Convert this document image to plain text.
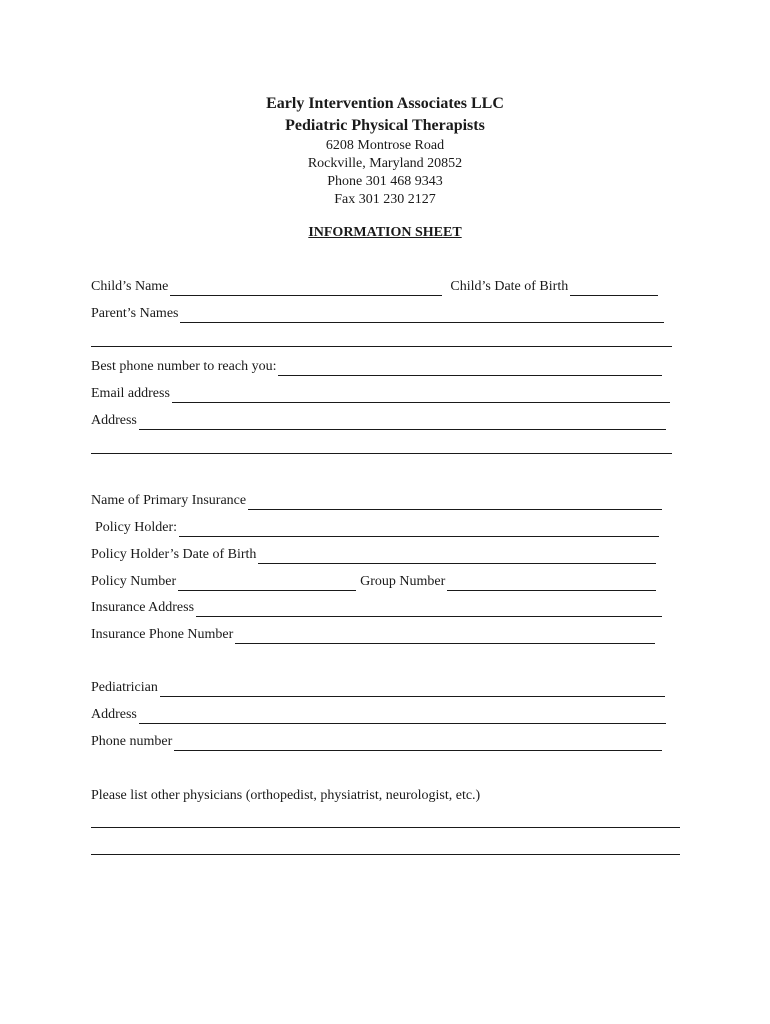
Early Intervention Associates LLC
Pediatric Physical Therapists
6208 Montrose Road
Rockville, Maryland 20852
Phone 301 468 9343
Fax 301 230 2127
INFORMATION SHEET
Child’s Name	Child’s Date of Birth
Parent’s Names
Best phone number to reach you:
Email address
Address
Name of Primary Insurance
Policy Holder:
Policy Holder’s Date of Birth
Policy Number	Group Number
Insurance Address
Insurance Phone Number
Pediatrician
Address
Phone number
Please list other physicians (orthopedist, physiatrist, neurologist, etc.)
